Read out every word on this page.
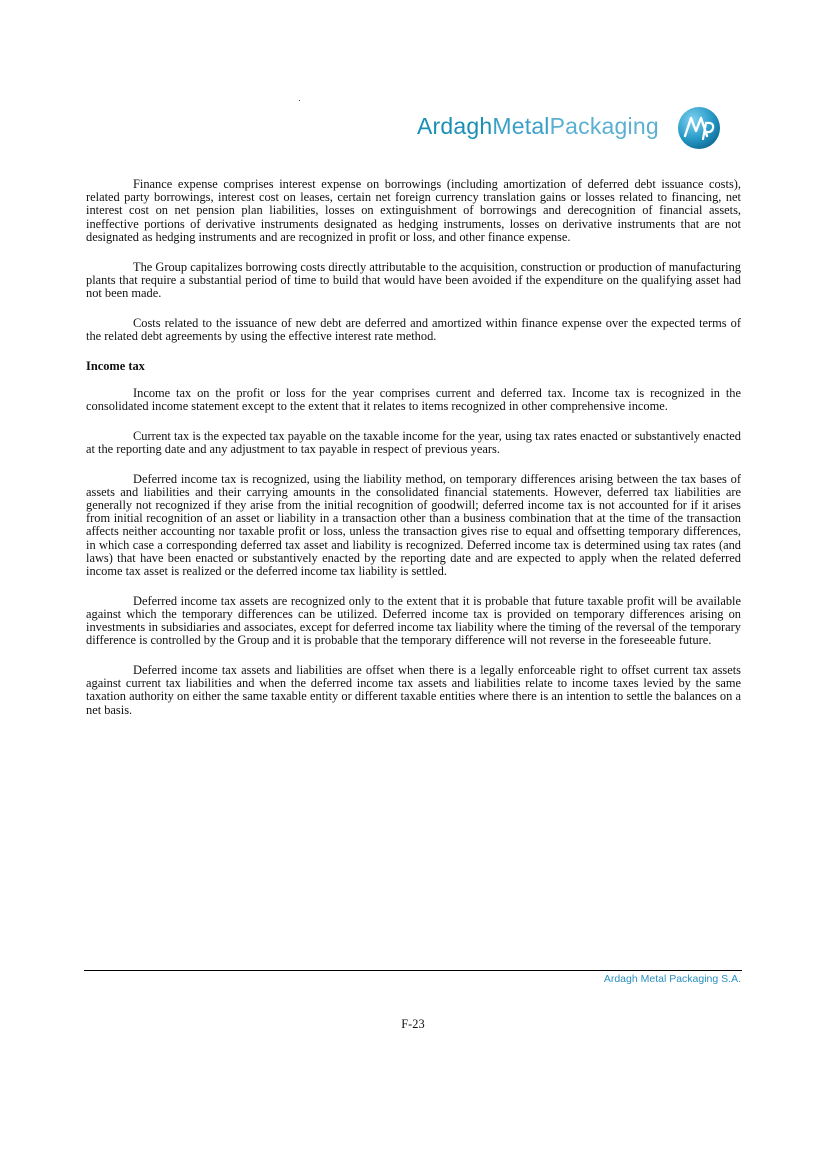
ArdaghMetalPackaging

Finance expense comprises interest expense on borrowings (including amortization of deferred debt issuance costs), related party borrowings, interest cost on leases, certain net foreign currency translation gains or losses related to financing, net interest cost on net pension plan liabilities, losses on extinguishment of borrowings and derecognition of financial assets, ineffective portions of derivative instruments designated as hedging instruments, losses on derivative instruments that are not designated as hedging instruments and are recognized in profit or loss, and other finance expense.

The Group capitalizes borrowing costs directly attributable to the acquisition, construction or production of manufacturing plants that require a substantial period of time to build that would have been avoided if the expenditure on the qualifying asset had not been made.

Costs related to the issuance of new debt are deferred and amortized within finance expense over the expected terms of the related debt agreements by using the effective interest rate method.

Income tax

Income tax on the profit or loss for the year comprises current and deferred tax. Income tax is recognized in the consolidated income statement except to the extent that it relates to items recognized in other comprehensive income.

Current tax is the expected tax payable on the taxable income for the year, using tax rates enacted or substantively enacted at the reporting date and any adjustment to tax payable in respect of previous years.

Deferred income tax is recognized, using the liability method, on temporary differences arising between the tax bases of assets and liabilities and their carrying amounts in the consolidated financial statements. However, deferred tax liabilities are generally not recognized if they arise from the initial recognition of goodwill; deferred income tax is not accounted for if it arises from initial recognition of an asset or liability in a transaction other than a business combination that at the time of the transaction affects neither accounting nor taxable profit or loss, unless the transaction gives rise to equal and offsetting temporary differences, in which case a corresponding deferred tax asset and liability is recognized. Deferred income tax is determined using tax rates (and laws) that have been enacted or substantively enacted by the reporting date and are expected to apply when the related deferred income tax asset is realized or the deferred income tax liability is settled.

Deferred income tax assets are recognized only to the extent that it is probable that future taxable profit will be available against which the temporary differences can be utilized. Deferred income tax is provided on temporary differences arising on investments in subsidiaries and associates, except for deferred income tax liability where the timing of the reversal of the temporary difference is controlled by the Group and it is probable that the temporary difference will not reverse in the foreseeable future.

Deferred income tax assets and liabilities are offset when there is a legally enforceable right to offset current tax assets against current tax liabilities and when the deferred income tax assets and liabilities relate to income taxes levied by the same taxation authority on either the same taxable entity or different taxable entities where there is an intention to settle the balances on a net basis.

Ardagh Metal Packaging S.A.
F-23
